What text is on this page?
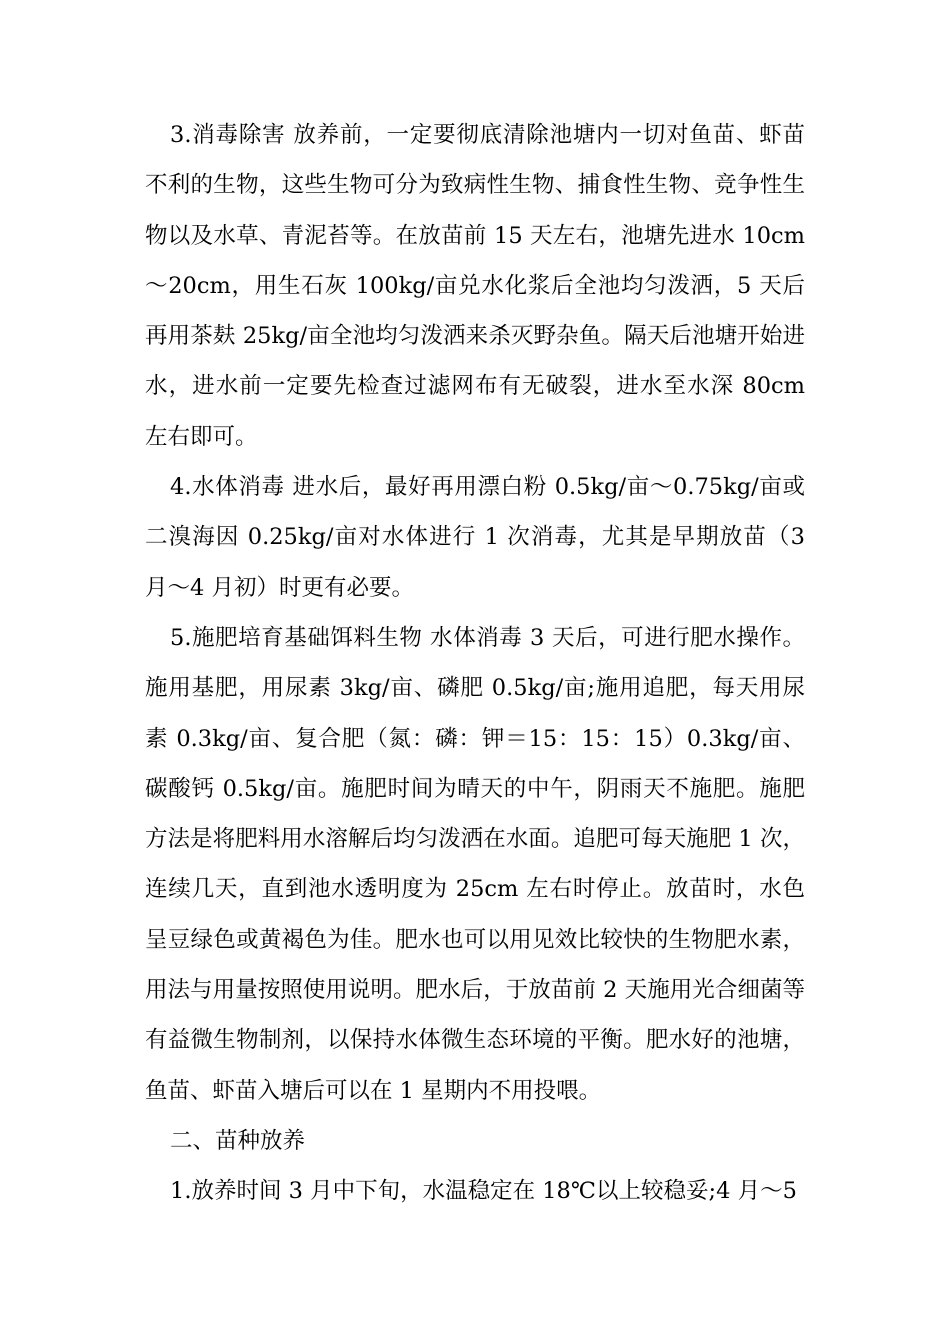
3.消毒除害 放养前，一定要彻底清除池塘内一切对鱼苗、虾苗不利的生物，这些生物可分为致病性生物、捕食性生物、竞争性生物以及水草、青泥苔等。在放苗前 15 天左右，池塘先进水 10cm～20cm，用生石灰 100kg/亩兑水化浆后全池均匀泼洒，5 天后再用茶麸 25kg/亩全池均匀泼洒来杀灭野杂鱼。隔天后池塘开始进水，进水前一定要先检查过滤网布有无破裂，进水至水深 80cm 左右即可。

4.水体消毒 进水后，最好再用漂白粉 0.5kg/亩～0.75kg/亩或二溴海因 0.25kg/亩对水体进行 1 次消毒，尤其是早期放苗（3 月～4 月初）时更有必要。

5.施肥培育基础饵料生物 水体消毒 3 天后，可进行肥水操作。施用基肥，用尿素 3kg/亩、磷肥 0.5kg/亩;施用追肥，每天用尿素 0.3kg/亩、复合肥（氮：磷：钾＝15：15：15）0.3kg/亩、碳酸钙 0.5kg/亩。施肥时间为晴天的中午，阴雨天不施肥。施肥方法是将肥料用水溶解后均匀泼洒在水面。追肥可每天施肥 1 次，连续几天，直到池水透明度为 25cm 左右时停止。放苗时，水色呈豆绿色或黄褐色为佳。肥水也可以用见效比较快的生物肥水素，用法与用量按照使用说明。肥水后，于放苗前 2 天施用光合细菌等有益微生物制剂，以保持水体微生态环境的平衡。肥水好的池塘，鱼苗、虾苗入塘后可以在 1 星期内不用投喂。

二、苗种放养

1.放养时间 3 月中下旬，水温稳定在 18℃以上较稳妥;4 月～5
